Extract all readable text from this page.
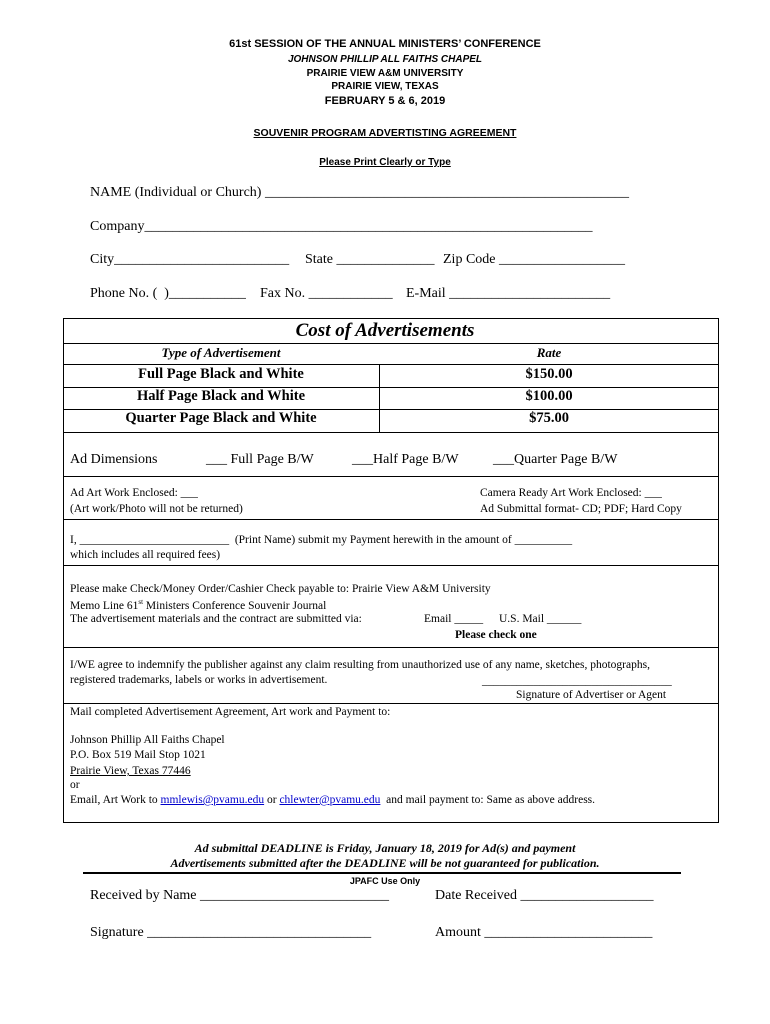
61st SESSION OF THE ANNUAL MINISTERS’ CONFERENCE
JOHNSON PHILLIP ALL FAITHS CHAPEL
PRAIRIE VIEW A&M UNIVERSITY
PRAIRIE VIEW, TEXAS
FEBRUARY 5 & 6, 2019
SOUVENIR PROGRAM ADVERTISTING AGREEMENT
Please Print Clearly or Type
NAME (Individual or Church) ____________________________________________________
Company________________________________________________________________
City_________________________ State ______________ Zip Code __________________
Phone No. (  )___________ Fax No. ____________ E-Mail _______________________
Cost of Advertisements
Type of Advertisement	Rate
Full Page Black and White	$150.00
Half Page Black and White	$100.00
Quarter Page Black and White	$75.00
Ad Dimensions	___ Full Page B/W	___Half Page B/W ___Quarter Page B/W
Ad Art Work Enclosed: ___
(Art work/Photo will not be returned)
Camera Ready Art Work Enclosed: ___
Ad Submittal format- CD; PDF; Hard Copy
I, __________________________  (Print Name) submit my Payment herewith in the amount of __________
which includes all required fees)
Please make Check/Money Order/Cashier Check payable to: Prairie View A&M University
Memo Line 61st Ministers Conference Souvenir Journal
The advertisement materials and the contract are submitted via:	Email _____ U.S. Mail ______
Please check one
I/WE agree to indemnify the publisher against any claim resulting from unauthorized use of any name, sketches, photographs,
registered trademarks, labels or works in advertisement.	_________________________________
Signature of Advertiser or Agent
Mail completed Advertisement Agreement, Art work and Payment to:
Johnson Phillip All Faiths Chapel
P.O. Box 519 Mail Stop 1021
Prairie View, Texas 77446
or
Email, Art Work to mmlewis@pvamu.edu or chlewter@pvamu.edu  and mail payment to: Same as above address.
Ad submittal DEADLINE is Friday, January 18, 2019 for Ad(s) and payment
Advertisements submitted after the DEADLINE will be not guaranteed for publication.
JPAFC Use Only
Received by Name ___________________________	Date Received ___________________
Signature ________________________________	Amount ________________________
